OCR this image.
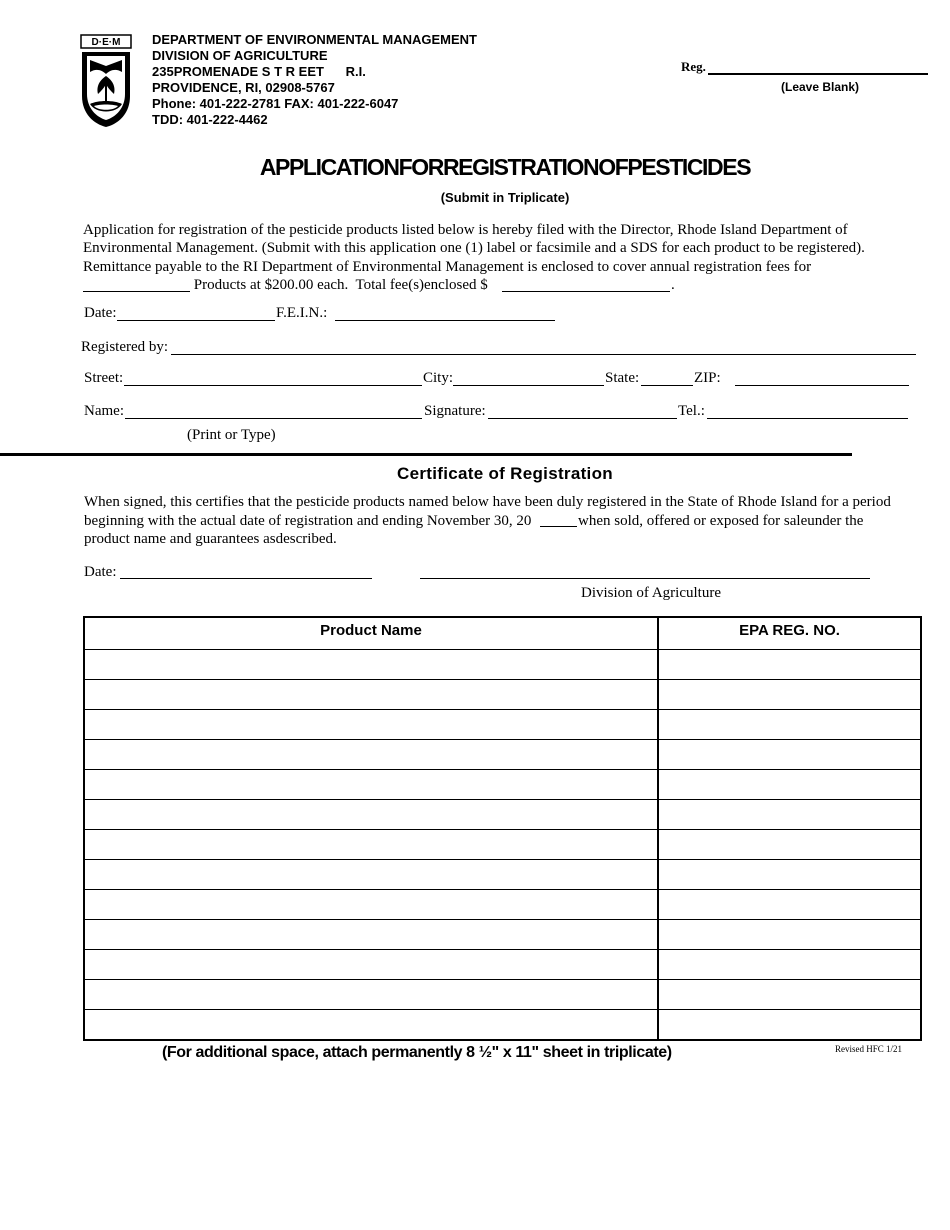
D·E·M DEPARTMENT OF ENVIRONMENTAL MANAGEMENT
DIVISION OF AGRICULTURE
235PROMENADE S T R EET      R.I.
PROVIDENCE, RI, 02908-5767
Phone: 401-222-2781 FAX: 401-222-6047
TDD: 401-222-4462
Reg.
(Leave Blank)
APPLICATIONFORREGISTRATIONOFPESTICIDES
(Submit in Triplicate)
Application for registration of the pesticide products listed below is hereby filed with the Director, Rhode Island Department of
Environmental Management. (Submit with this application one (1) label or facsimile and a SDS for each product to be registered).
Remittance payable to the RI Department of Environmental Management is enclosed to cover annual registration fees for
Products at $200.00 each.  Total fee(s)enclosed $	.
Date:	F.E.I.N.:
Registered by:
Street:	City:	State:	ZIP:
Name:	Signature:	Tel.:
(Print or Type)
Certificate of Registration
When signed, this certifies that the pesticide products named below have been duly registered in the State of Rhode Island for a period
beginning with the actual date of registration and ending November 30, 20	when sold, offered or exposed for saleunder the
product name and guarantees asdescribed.
Date:
Division of Agriculture
Product Name	EPA REG. NO.

(For additional space, attach permanently 8 ½" x 11" sheet in triplicate)	Revised HFC 1/21
